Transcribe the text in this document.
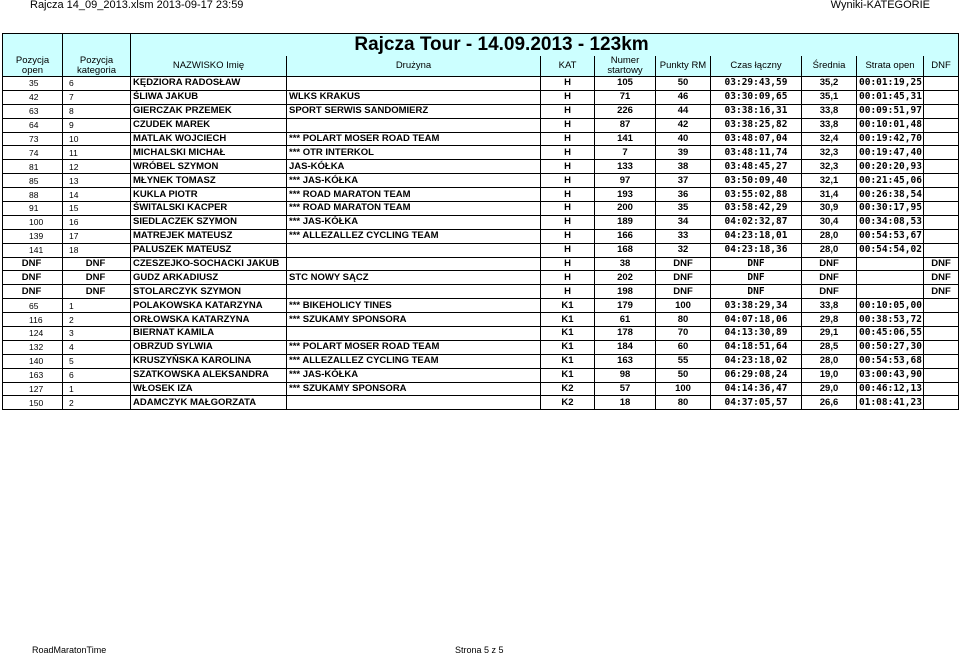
Rajcza 14_09_2013.xlsm 2013-09-17 23:59	Wyniki-KATEGORIE
		Rajcza Tour - 14.09.2013 - 123km								
Pozycja open	Pozycja kategoria	NAZWISKO Imię	Drużyna	KAT	Numer startowy	Punkty RM	Czas łączny	Średnia	Strata open	DNF
35	6	KĘDZIORA RADOSŁAW		H	105	50	03:29:43,59	35,2	00:01:19,25	
42	7	ŚLIWA JAKUB	WLKS KRAKUS	H	71	46	03:30:09,65	35,1	00:01:45,31	
63	8	GIERCZAK PRZEMEK	SPORT SERWIS SANDOMIERZ	H	226	44	03:38:16,31	33,8	00:09:51,97	
64	9	CZUDEK MAREK		H	87	42	03:38:25,82	33,8	00:10:01,48	
73	10	MATLAK WOJCIECH	*** POLART MOSER ROAD TEAM	H	141	40	03:48:07,04	32,4	00:19:42,70	
74	11	MICHALSKI MICHAŁ	*** OTR INTERKOL	H	7	39	03:48:11,74	32,3	00:19:47,40	
81	12	WRÓBEL SZYMON	JAS-KÓŁKA	H	133	38	03:48:45,27	32,3	00:20:20,93	
85	13	MŁYNEK TOMASZ	*** JAS-KÓŁKA	H	97	37	03:50:09,40	32,1	00:21:45,06	
88	14	KUKLA PIOTR	*** ROAD MARATON TEAM	H	193	36	03:55:02,88	31,4	00:26:38,54	
91	15	ŚWITALSKI KACPER	*** ROAD MARATON TEAM	H	200	35	03:58:42,29	30,9	00:30:17,95	
100	16	SIEDLACZEK SZYMON	*** JAS-KÓŁKA	H	189	34	04:02:32,87	30,4	00:34:08,53	
139	17	MATREJEK MATEUSZ	*** ALLEZALLEZ CYCLING TEAM	H	166	33	04:23:18,01	28,0	00:54:53,67	
141	18	PALUSZEK MATEUSZ		H	168	32	04:23:18,36	28,0	00:54:54,02	
DNF	DNF	CZESZEJKO-SOCHACKI JAKUB		H	38	DNF	DNF	DNF		DNF
DNF	DNF	GUDZ ARKADIUSZ	STC NOWY SĄCZ	H	202	DNF	DNF	DNF		DNF
DNF	DNF	STOLARCZYK SZYMON		H	198	DNF	DNF	DNF		DNF
65	1	POLAKOWSKA KATARZYNA	*** BIKEHOLICY TINES	K1	179	100	03:38:29,34	33,8	00:10:05,00	
116	2	ORŁOWSKA KATARZYNA	*** SZUKAMY SPONSORA	K1	61	80	04:07:18,06	29,8	00:38:53,72	
124	3	BIERNAT KAMILA		K1	178	70	04:13:30,89	29,1	00:45:06,55	
132	4	OBRZUD SYLWIA	*** POLART MOSER ROAD TEAM	K1	184	60	04:18:51,64	28,5	00:50:27,30	
140	5	KRUSZYŃSKA KAROLINA	*** ALLEZALLEZ CYCLING TEAM	K1	163	55	04:23:18,02	28,0	00:54:53,68	
163	6	SZATKOWSKA ALEKSANDRA	*** JAS-KÓŁKA	K1	98	50	06:29:08,24	19,0	03:00:43,90	
127	1	WŁOSEK IZA	*** SZUKAMY SPONSORA	K2	57	100	04:14:36,47	29,0	00:46:12,13	
150	2	ADAMCZYK MAŁGORZATA		K2	18	80	04:37:05,57	26,6	01:08:41,23	
RoadMaratonTime	Strona 5 z 5
